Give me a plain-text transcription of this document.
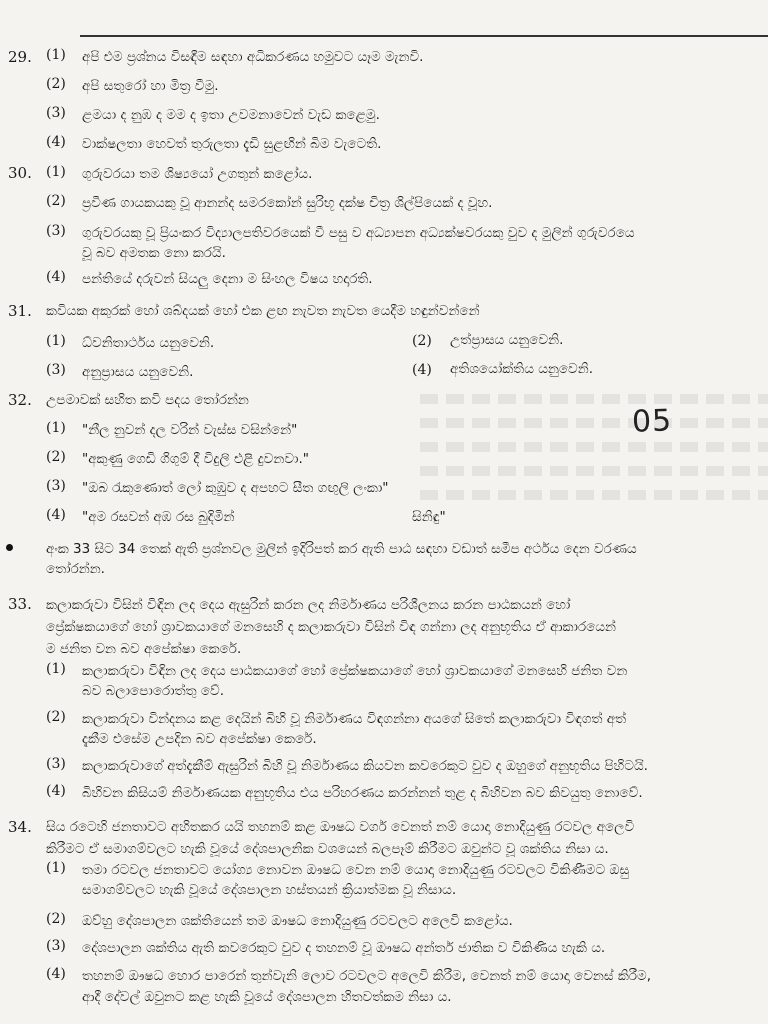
29. (1) අපි එම ප්‍රශ්නය විසඳීම සඳහා අධිකරණය හමුවට යෑම මැනවි.
(2) අපි සතුරෝ හා මිත්‍ර වීමු.
(3) ළමයා ද නුඹ ද මම ද ඉතා උවමනාවෙන් වැඩ කළෙමු.
(4) වාක්ෂලතා හෙවත් තුරුලතා දැඩි සුළඟින් බිම වැටෙති.
30. (1) ගුරුවරයා තම ශිෂ්‍යයෝ උගතුන් කළෝය.
(2) ප්‍රවීණ ගායකයකු වූ ආනන්ද සමරකෝන් සුරිභූ දක්ෂ චිත්‍ර ශිල්පියෙක් ද වූහ.
(3) ගුරුවරයකු වූ ප්‍රියංකර විද්‍යාලපතිවරයෙක් වී පසු ව අධ්‍යාපන අධ්‍යක්ෂවරයකු වුව ද මුලින් ගුරුවරයෙ
වූ බව අමතක නො කරයි.
(4) පන්තියේ දරුවන් සියලු දෙනා ම සිංහල විෂය හදාරති.
31. කවියක අකුරක් හෝ ශබ්දයක් හෝ එක ළඟ නැවත නැවත යෙදීම හඳුන්වන්නේ
(1) ධ්වනිතාර්ථය යනුවෙනි.	(2) උත්ප්‍රාසය යනුවෙනි.
(3) අනුප්‍රාසය යනුවෙනි.	(4) අතිශයෝක්තිය යනුවෙනි.
32. උපමාවක් සහිත කවි පදය තෝරන්න
(1) "නීල නුවන් දල වරින් වැස්ස වසින්නේ"
(2) "අකුණු ගෙඩි ගිගුම් දී විදුලි එළි දුවනවා."
(3) "ඔබ රැකුණොත් ලෝ කුඹුව ද අපහට සීත ගඟුලි ලංකා"
(4) "අම රසවන් අඹ රස බුදිමින්	සිනිඳු"
05
අංක 33 සිට 34 තෙක් ඇති ප්‍රශ්නවල මුලින් ඉදිරිපත් කර ඇති පාඨ සඳහා වඩාත් සමීප අර්ථය දෙන වරණය
තෝරන්න.
33. කලාකරුවා විසින් විඳින ලද දෙය ඇසුරින් කරන ලද නිර්මාණය පරිශීලනය කරන පාඨකයන් හෝ
ප්‍රේක්ෂකයාගේ හෝ ශ්‍රාවකයාගේ මනසෙහි ද කලාකරුවා විසින් විඳ ගන්නා ලද අනුභූතිය ඒ ආකාරයෙන්
ම ජනිත වන බව අපේක්ෂා කෙරේ.
(1) කලාකරුවා විඳින ලද දෙය පාඨකයාගේ හෝ ප්‍රේක්ෂකයාගේ හෝ ශ්‍රාවකයාගේ මනසෙහි ජනිත වන
බව බලාපොරොත්තු වේ.
(2) කලාකරුවා වින්දනය කළ දෙයින් බිහි වූ නිර්මාණය විඳගන්නා අයගේ සිතේ කලාකරුවා විඳගත් අත්
දැකීම එසේම උපදින බව අපේක්ෂා කෙරේ.
(3) කලාකරුවාගේ අත්දැකීම් ඇසුරින් බිහි වූ නිර්මාණය කියවන කවරෙකුට වුව ද ඔහුගේ අනුභූතිය පිහිටයි.
(4) බිහිවන කිසියම් නිර්මාණයක අනුභූතිය එය පරිහරණය කරන්නන් තුළ ද බිහිවන බව කිවයුතු නොවේ.
34. සිය රටෙහි ජනතාවට අහිතකර යයි තහනම් කළ ඖෂධ වර්ග වෙනත් නම් යොදා නොදියුණු රටවල අලෙවි
කිරීමට ඒ සමාගම්වලට හැකි වූයේ දේශපාලනික වශයෙන් බලපෑම් කිරීමට ඔවුන්ට වූ ශක්තිය නිසා ය.
(1) තමා රටවල ජනතාවට යෝග්‍ය නොවන ඖෂධ වෙන නම් යොදා නොදියුණු රටවලට විකිණීමට ඔසු
සමාගම්වලට හැකි වූයේ දේශපාලන හස්තයන් ක්‍රියාත්මක වූ නිසාය.
(2) ඔව්හු දේශපාලන ශක්තියෙන් තම ඖෂධ නොදියුණු රටවලට අලෙවි කළෝය.
(3) දේශපාලන ශක්තිය ඇති කවරෙකුට වුව ද තහනම් වූ ඖෂධ අන්තර් ජාතික ව විකිණිය හැකි ය.
(4) තහනම් ඖෂධ හොර පාරෙන් තුන්වැනි ලොව රටවලට අලෙවි කිරීම, වෙනත් නම් යොදා වෙනස් කිරීම,
ආදී දේවල් ඔවුනට කළ හැකි වූයේ දේශපාලන හිතවත්කම නිසා ය.
